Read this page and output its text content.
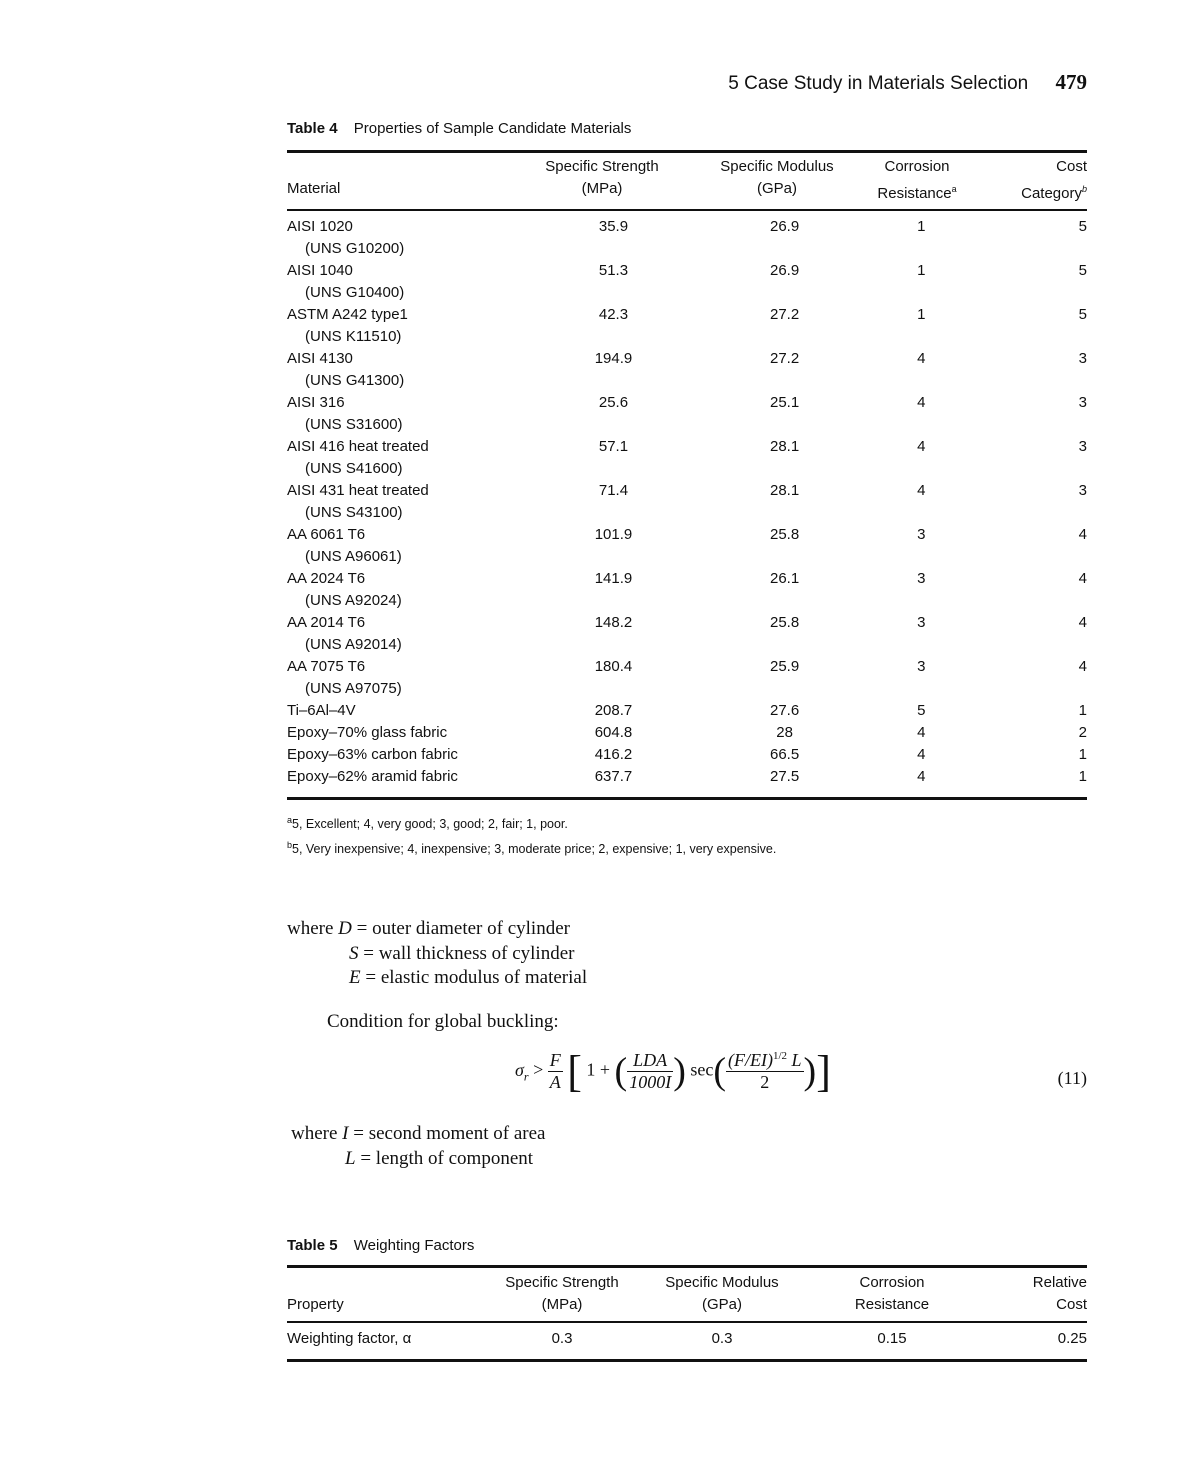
5 Case Study in Materials Selection 479
Table 4 Properties of Sample Candidate Materials
	Specific Strength	Specific Modulus	Corrosion	Cost
Material	(MPa)	(GPa)	Resistance$^a$	Category$^b$
AISI 1020	35.9	26.9	1	5
(UNS G10200)				
AISI 1040	51.3	26.9	1	5
(UNS G10400)				
ASTM A242 type1	42.3	27.2	1	5
(UNS K11510)				
AISI 4130	194.9	27.2	4	3
(UNS G41300)				
AISI 316	25.6	25.1	4	3
(UNS S31600)				
AISI 416 heat treated	57.1	28.1	4	3
(UNS S41600)				
AISI 431 heat treated	71.4	28.1	4	3
(UNS S43100)				
AA 6061 T6	101.9	25.8	3	4
(UNS A96061)				
AA 2024 T6	141.9	26.1	3	4
(UNS A92024)				
AA 2014 T6	148.2	25.8	3	4
(UNS A92014)				
AA 7075 T6	180.4	25.9	3	4
(UNS A97075)				
Ti–6Al–4V	208.7	27.6	5	1
Epoxy–70% glass fabric	604.8	28	4	2
Epoxy–63% carbon fabric	416.2	66.5	4	1
Epoxy–62% aramid fabric	637.7	27.5	4	1
$^a$5, Excellent; 4, very good; 3, good; 2, fair; 1, poor.
$^b$5, Very inexpensive; 4, inexpensive; 3, moderate price; 2, expensive; 1, very expensive.
where D = outer diameter of cylinder
S = wall thickness of cylinder
E = elastic modulus of material
Condition for global buckling:
$\sigma_r > \frac{F}{A}$ [ 1 + ( $\frac{\text{LDA}}{1000I}$ ) $\sec( \frac{(F/EI)^{1/2} L}{2}$ )]	(11)
where I = second moment of area
L = length of component
Table 5 Weighting Factors
	Specific Strength	Specific Modulus	Corrosion	Relative
Property	(MPa)	(GPa)	Resistance	Cost
Weighting factor, α	0.3	0.3	0.15	0.25
